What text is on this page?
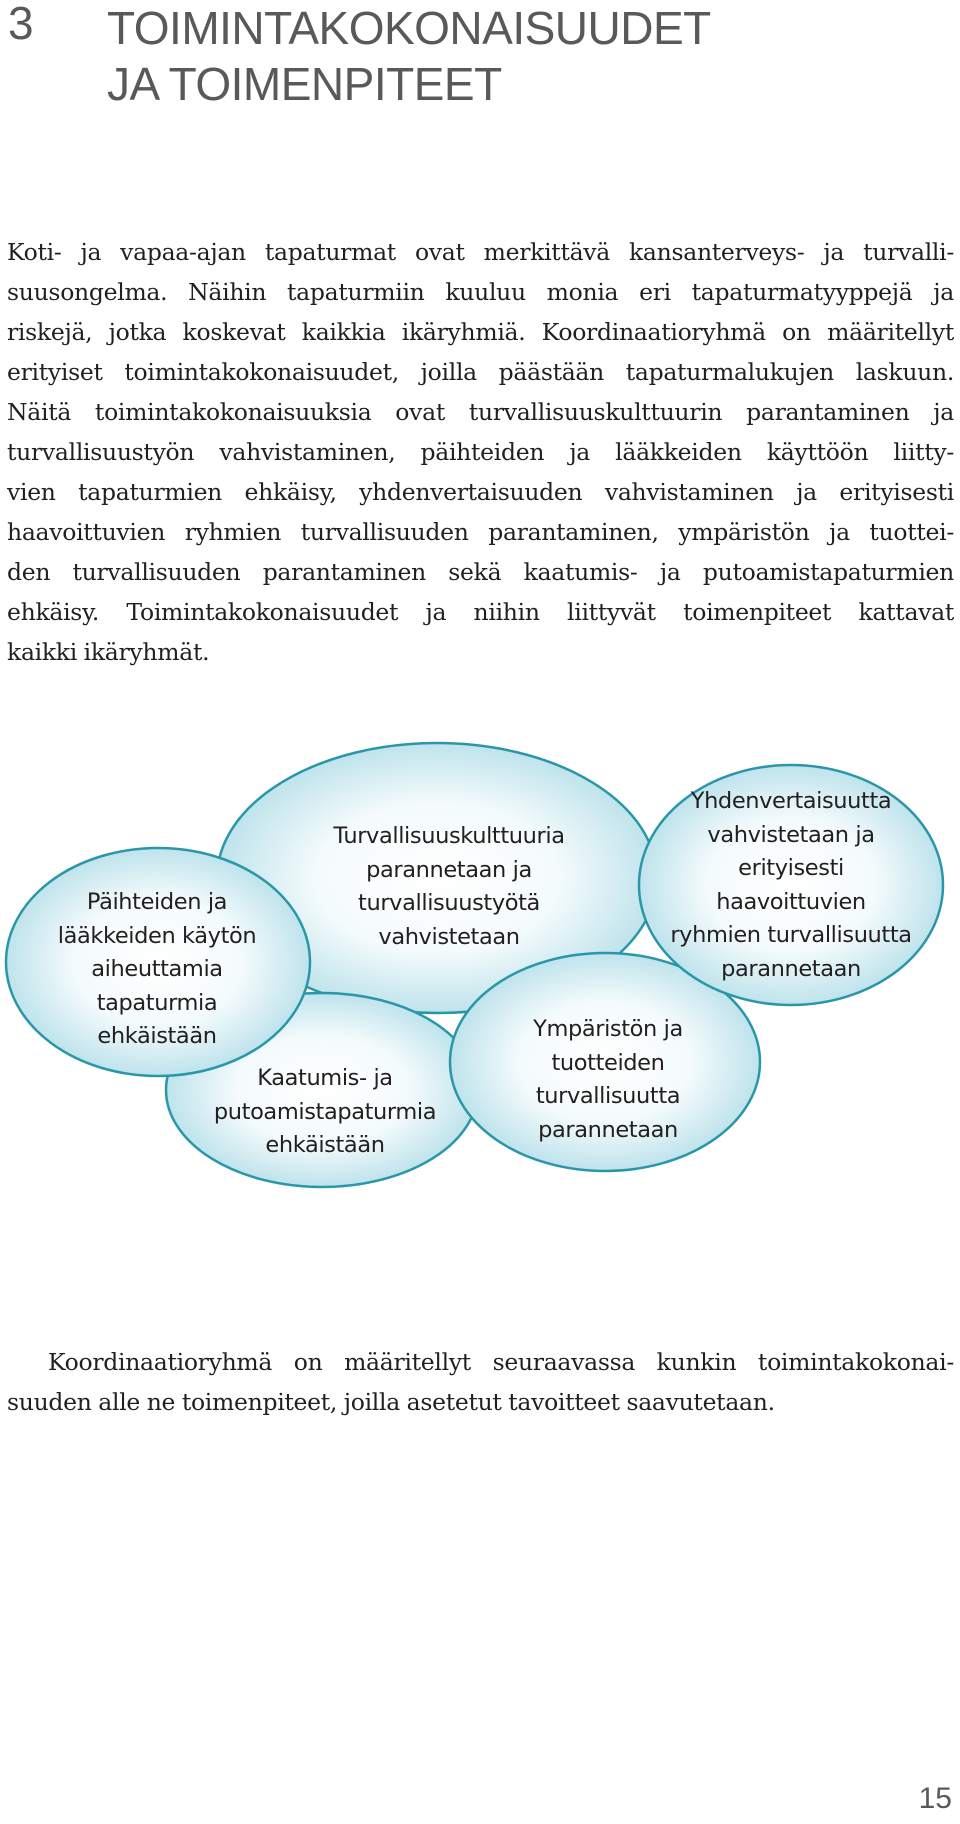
3 TOIMINTAKOKONAISUUDET
JA TOIMENPITEET

Koti- ja vapaa-ajan tapaturmat ovat merkittävä kansanterveys- ja turvalli-
suusongelma. Näihin tapaturmiin kuuluu monia eri tapaturmatyyppejä ja
riskejä, jotka koskevat kaikkia ikäryhmiä. Koordinaatioryhmä on määritellyt
erityiset toimintakokonaisuudet, joilla päästään tapaturmalukujen laskuun.
Näitä toimintakokonaisuuksia ovat turvallisuuskulttuurin parantaminen ja
turvallisuustyön vahvistaminen, päihteiden ja lääkkeiden käyttöön liitty-
vien tapaturmien ehkäisy, yhdenvertaisuuden vahvistaminen ja erityisesti
haavoittuvien ryhmien turvallisuuden parantaminen, ympäristön ja tuottei-
den turvallisuuden parantaminen sekä kaatumis- ja putoamistapaturmien
ehkäisy. Toimintakokonaisuudet ja niihin liittyvät toimenpiteet kattavat
kaikki ikäryhmät.

Turvallisuuskulttuuria
parannetaan ja
turvallisuustyötä
vahvistetaan
Yhdenvertaisuutta
vahvistetaan ja
erityisesti
haavoittuvien
ryhmien turvallisuutta
parannetaan
Päihteiden ja
lääkkeiden käytön
aiheuttamia
tapaturmia
ehkäistään
Kaatumis- ja
putoamistapaturmia
ehkäistään
Ympäristön ja
tuotteiden
turvallisuutta
parannetaan

Koordinaatioryhmä on määritellyt seuraavassa kunkin toimintakokonai-
suuden alle ne toimenpiteet, joilla asetetut tavoitteet saavutetaan.

15
